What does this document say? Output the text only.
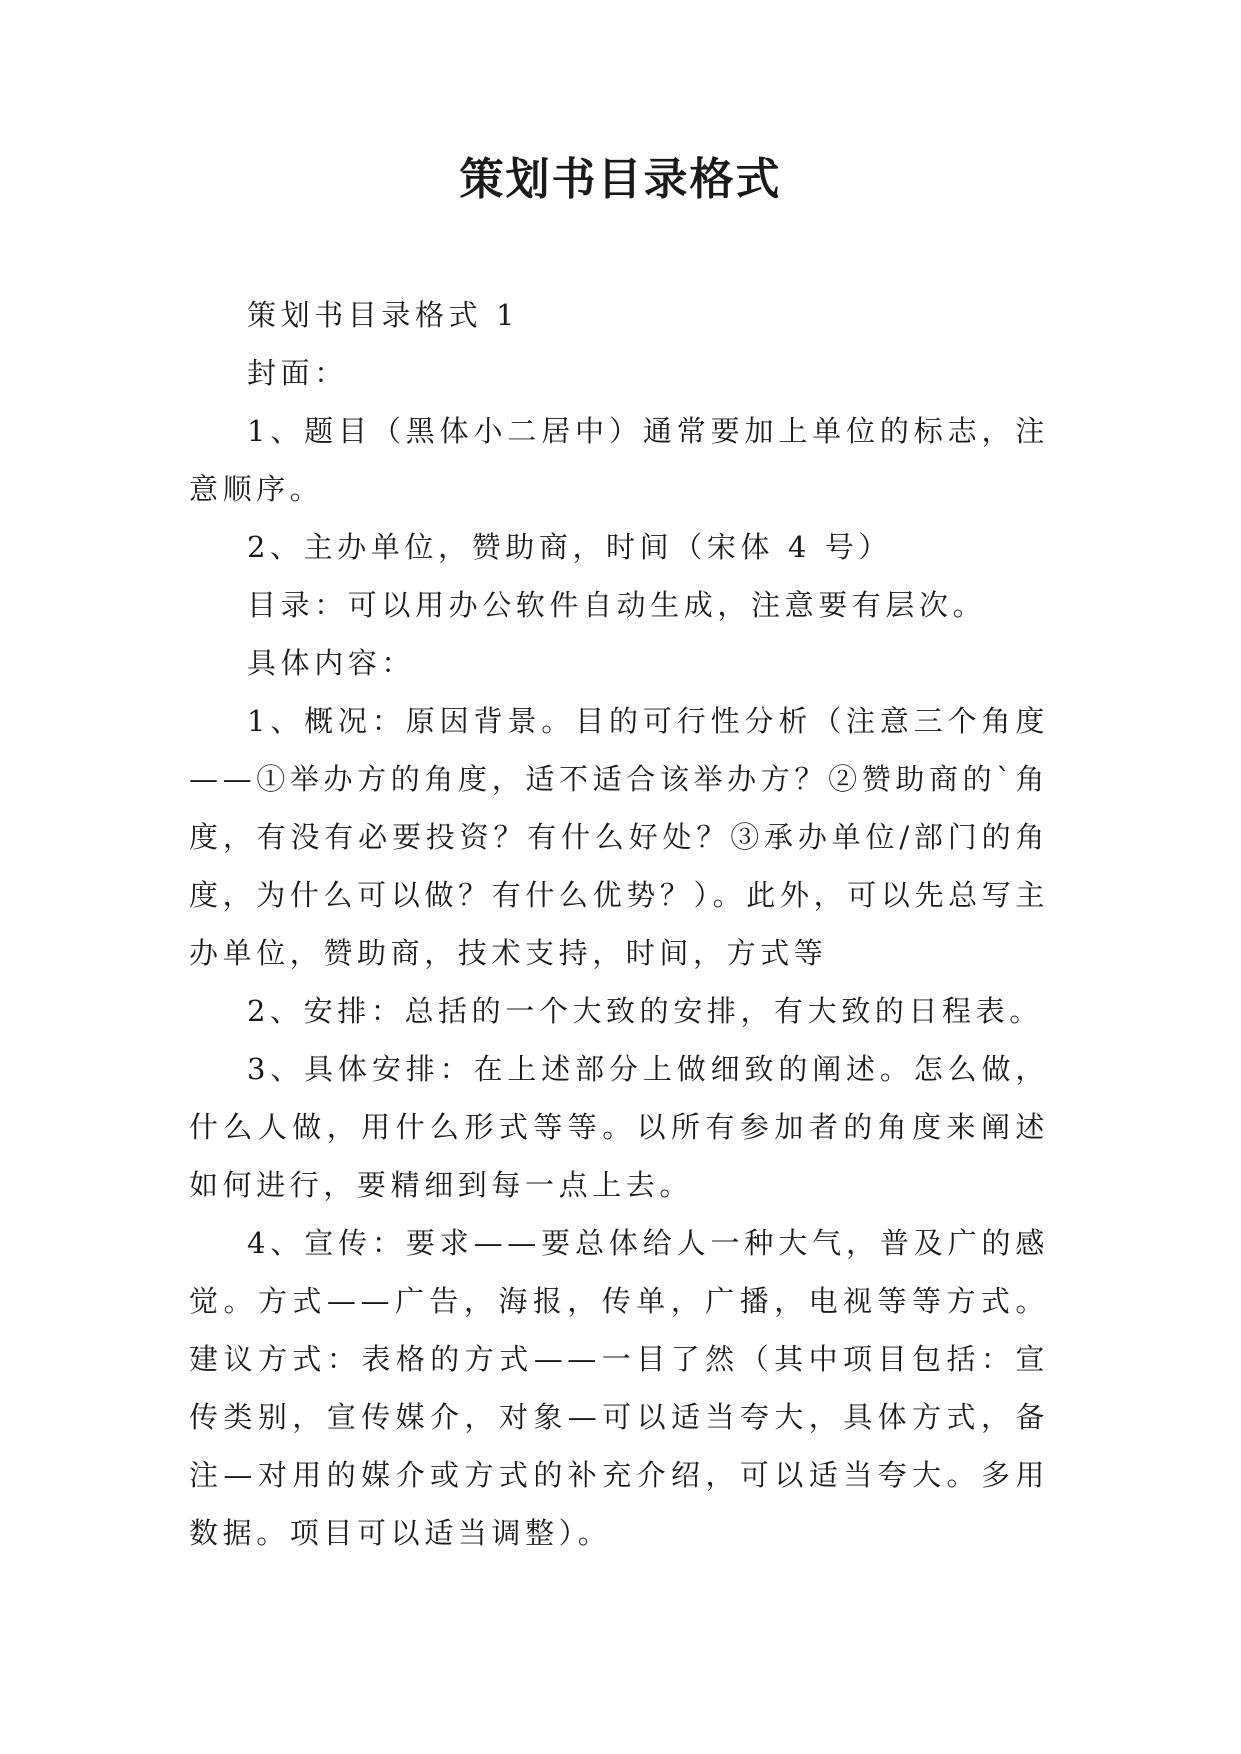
策划书目录格式

策划书目录格式 1

封面：

1、题目（黑体小二居中）通常要加上单位的标志，注意顺序。

2、主办单位，赞助商，时间（宋体 4 号）

目录：可以用办公软件自动生成，注意要有层次。

具体内容：

1、概况：原因背景。目的可行性分析（注意三个角度——①举办方的角度，适不适合该举办方？②赞助商的`角度，有没有必要投资？有什么好处？③承办单位/部门的角度，为什么可以做？有什么优势？）。此外，可以先总写主办单位，赞助商，技术支持，时间，方式等

2、安排：总括的一个大致的安排，有大致的日程表。

3、具体安排：在上述部分上做细致的阐述。怎么做，什么人做，用什么形式等等。以所有参加者的角度来阐述如何进行，要精细到每一点上去。

4、宣传：要求——要总体给人一种大气，普及广的感觉。方式——广告，海报，传单，广播，电视等等方式。建议方式：表格的方式——一目了然（其中项目包括：宣传类别，宣传媒介，对象—可以适当夸大，具体方式，备注—对用的媒介或方式的补充介绍，可以适当夸大。多用数据。项目可以适当调整）。
